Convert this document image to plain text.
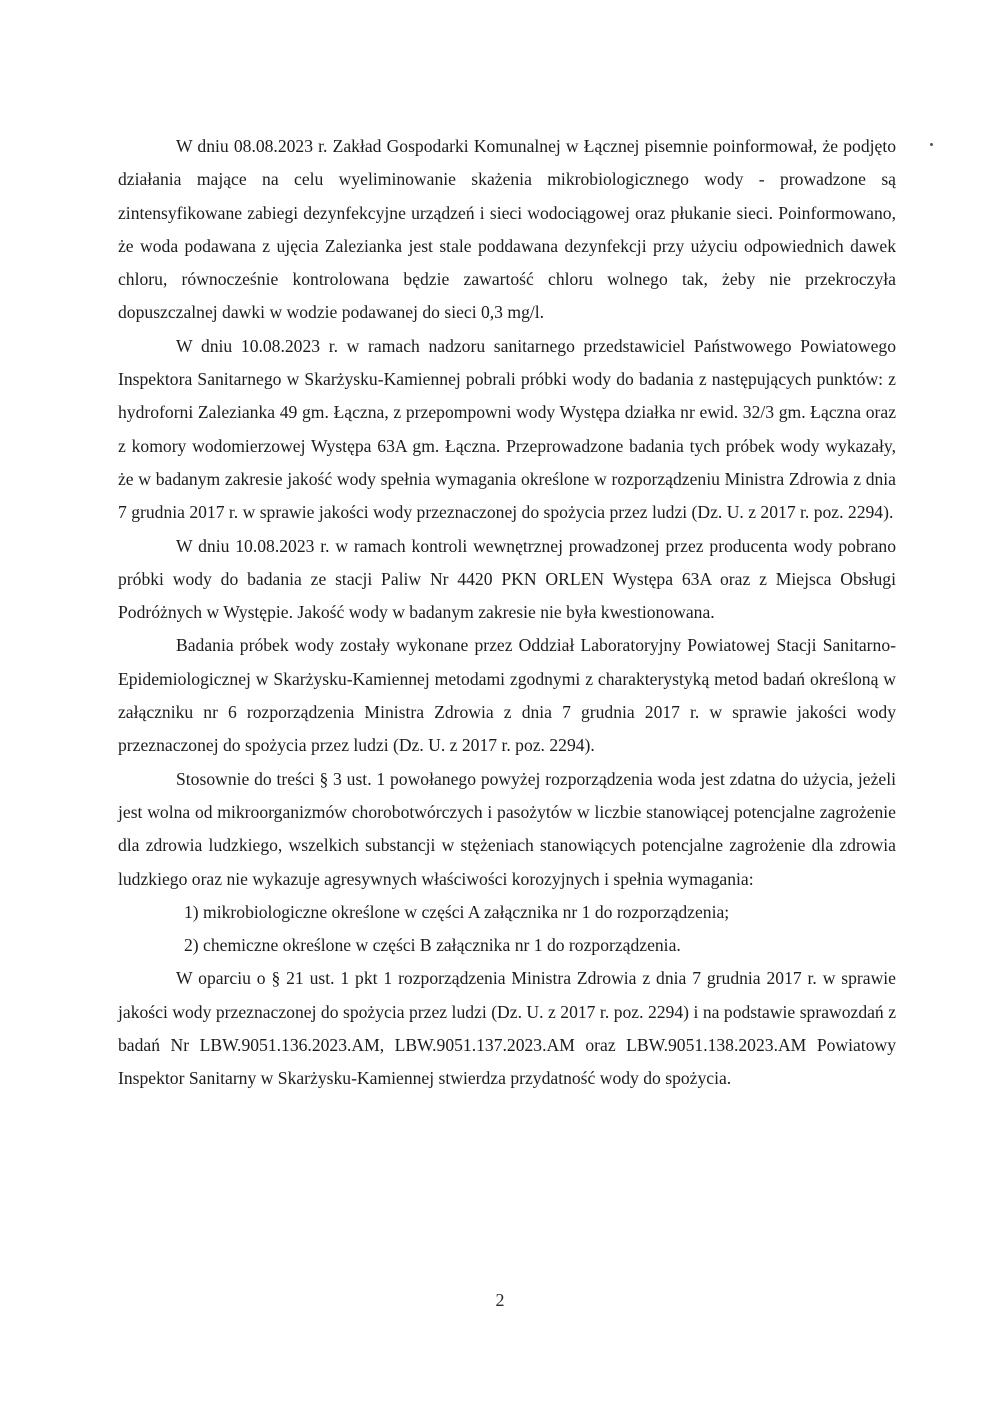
W dniu 08.08.2023 r. Zakład Gospodarki Komunalnej w Łącznej pisemnie poinformował, że podjęto działania mające na celu wyeliminowanie skażenia mikrobiologicznego wody - prowadzone są zintensyfikowane zabiegi dezynfekcyjne urządzeń i sieci wodociągowej oraz płukanie sieci. Poinformowano, że woda podawana z ujęcia Zalezianka jest stale poddawana dezynfekcji przy użyciu odpowiednich dawek chloru, równocześnie kontrolowana będzie zawartość chloru wolnego tak, żeby nie przekroczyła dopuszczalnej dawki w wodzie podawanej do sieci 0,3 mg/l.

W dniu 10.08.2023 r. w ramach nadzoru sanitarnego przedstawiciel Państwowego Powiatowego Inspektora Sanitarnego w Skarżysku-Kamiennej pobrali próbki wody do badania z następujących punktów: z hydroforni Zalezianka 49 gm. Łączna, z przepompowni wody Występa działka nr ewid. 32/3 gm. Łączna oraz z komory wodomierzowej Występa 63A gm. Łączna. Przeprowadzone badania tych próbek wody wykazały, że w badanym zakresie jakość wody spełnia wymagania określone w rozporządzeniu Ministra Zdrowia z dnia 7 grudnia 2017 r. w sprawie jakości wody przeznaczonej do spożycia przez ludzi (Dz. U. z 2017 r. poz. 2294).

W dniu 10.08.2023 r. w ramach kontroli wewnętrznej prowadzonej przez producenta wody pobrano próbki wody do badania ze stacji Paliw Nr 4420 PKN ORLEN Występa 63A oraz z Miejsca Obsługi Podróżnych w Występie. Jakość wody w badanym zakresie nie była kwestionowana.

Badania próbek wody zostały wykonane przez Oddział Laboratoryjny Powiatowej Stacji Sanitarno-Epidemiologicznej w Skarżysku-Kamiennej metodami zgodnymi z charakterystyką metod badań określoną w załączniku nr 6 rozporządzenia Ministra Zdrowia z dnia 7 grudnia 2017 r. w sprawie jakości wody przeznaczonej do spożycia przez ludzi (Dz. U. z 2017 r. poz. 2294).

Stosownie do treści § 3 ust. 1 powołanego powyżej rozporządzenia woda jest zdatna do użycia, jeżeli jest wolna od mikroorganizmów chorobotwórczych i pasożytów w liczbie stanowiącej potencjalne zagrożenie dla zdrowia ludzkiego, wszelkich substancji w stężeniach stanowiących potencjalne zagrożenie dla zdrowia ludzkiego oraz nie wykazuje agresywnych właściwości korozyjnych i spełnia wymagania:

1) mikrobiologiczne określone w części A załącznika nr 1 do rozporządzenia;
2) chemiczne określone w części B załącznika nr 1 do rozporządzenia.

W oparciu o § 21 ust. 1 pkt 1 rozporządzenia Ministra Zdrowia z dnia 7 grudnia 2017 r. w sprawie jakości wody przeznaczonej do spożycia przez ludzi (Dz. U. z 2017 r. poz. 2294) i na podstawie sprawozdań z badań Nr LBW.9051.136.2023.AM, LBW.9051.137.2023.AM oraz LBW.9051.138.2023.AM Powiatowy Inspektor Sanitarny w Skarżysku-Kamiennej stwierdza przydatność wody do spożycia.

2
